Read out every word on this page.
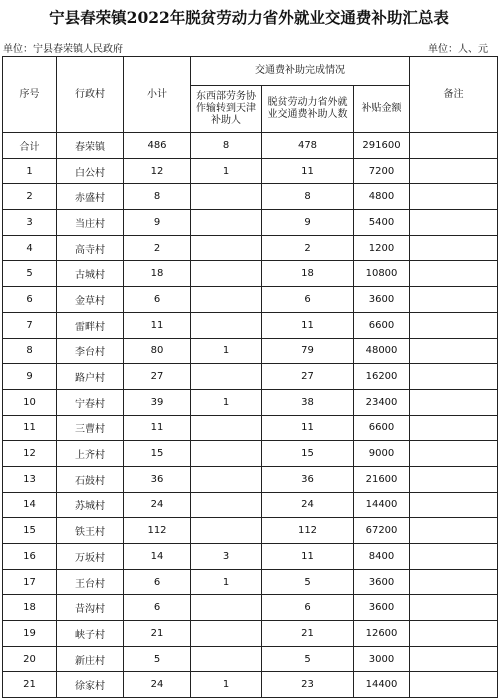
宁县春荣镇2022年脱贫劳动力省外就业交通费补助汇总表
单位：宁县春荣镇人民政府	单位：人、元
序号	行政村	小计	交通费补助完成情况			备注
			东西部劳务协作输转到天津补助人	脱贫劳动力省外就业交通费补助人数	补贴金额	
合计	春荣镇	486	8	478	291600	
1	白公村	12	1	11	7200	
2	赤盛村	8		8	4800	
3	当庄村	9		9	5400	
4	高寺村	2		2	1200	
5	古城村	18		18	10800	
6	金草村	6		6	3600	
7	雷畔村	11		11	6600	
8	李台村	80	1	79	48000	
9	路户村	27		27	16200	
10	宁春村	39	1	38	23400	
11	三曹村	11		11	6600	
12	上齐村	15		15	9000	
13	石鼓村	36		36	21600	
14	苏城村	24		24	14400	
15	铁王村	112		112	67200	
16	万坂村	14	3	11	8400	
17	王台村	6	1	5	3600	
18	昔沟村	6		6	3600	
19	峡子村	21		21	12600	
20	新庄村	5		5	3000	
21	徐家村	24	1	23	14400	
